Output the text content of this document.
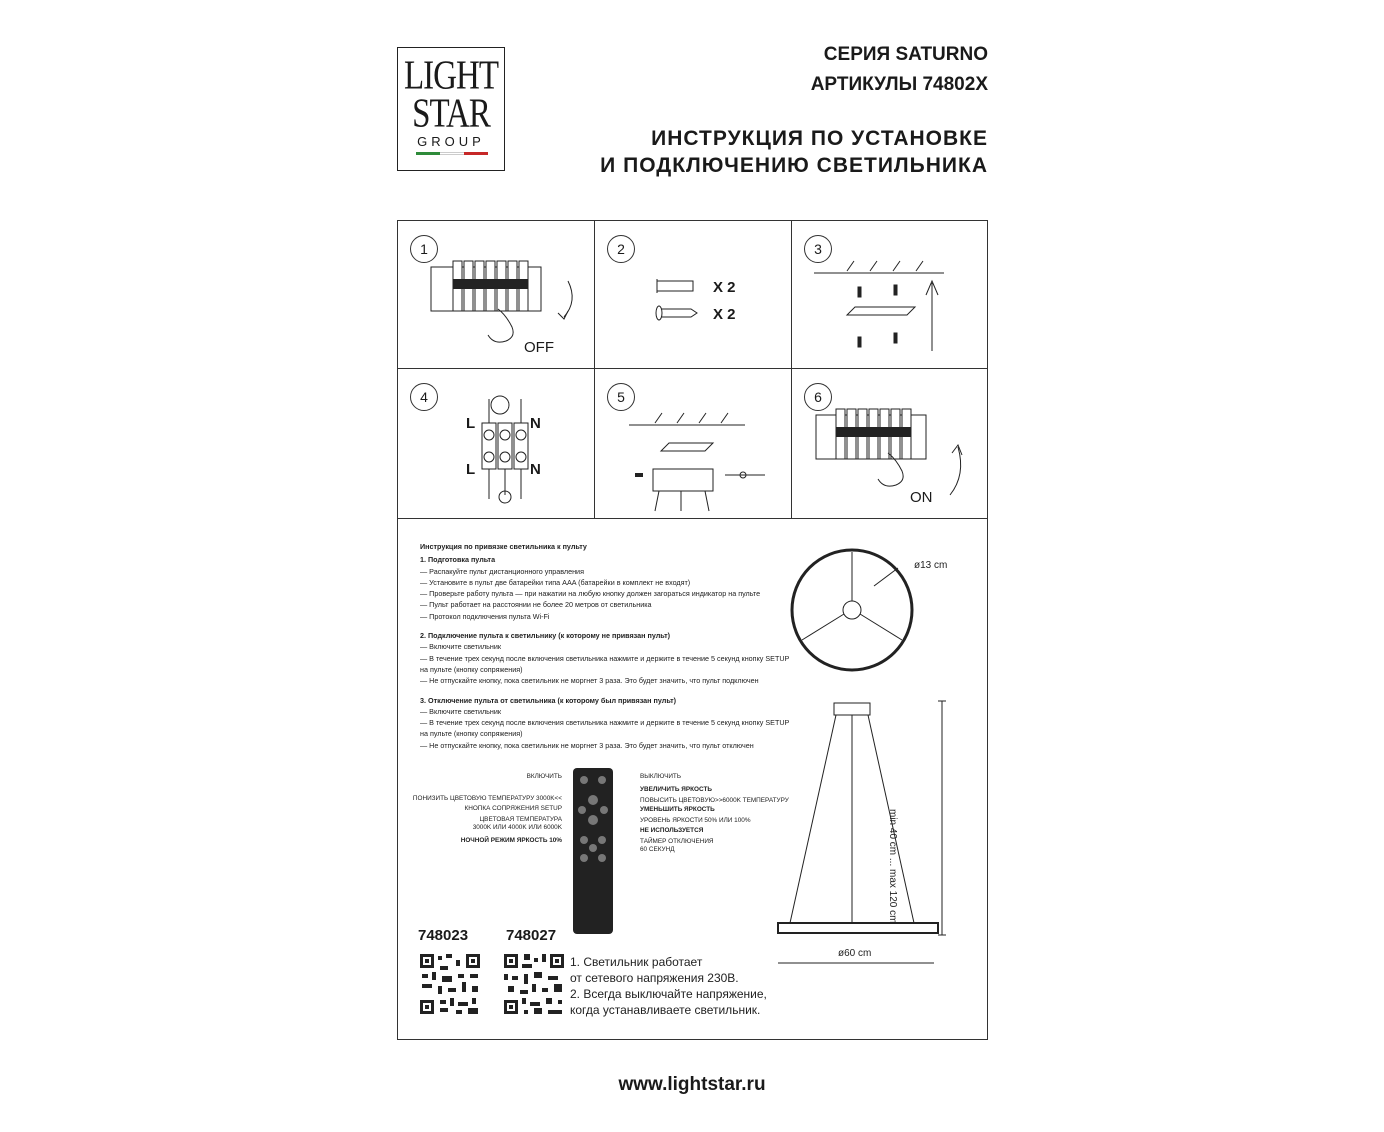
LIGHT
STAR
GROUP
СЕРИЯ SATURNO
АРТИКУЛЫ 74802X
ИНСТРУКЦИЯ ПО УСТАНОВКЕ
И ПОДКЛЮЧЕНИЮ СВЕТИЛЬНИКА
1
OFF
2
X 2
X 2
3
4
L	N
L	N
5	6
ON
Инструкция по привязке светильника к пульту
1. Подготовка пульта
— Распакуйте пульт дистанционного управления
— Установите в пульт две батарейки типа AAA (батарейки в комплект не входят)
— Проверьте работу пульта — при нажатии на любую кнопку должен загораться индикатор на пульте
— Пульт работает на расстоянии не более 20 метров от светильника
— Протокол подключения пульта Wi-Fi
2. Подключение пульта к светильнику (к которому не привязан пульт)
— Включите светильник
— В течение трех секунд после включения светильника нажмите и держите в течение 5 секунд кнопку SETUP на пульте (кнопку сопряжения)
— Не отпускайте кнопку, пока светильник не моргнет 3 раза. Это будет значить, что пульт подключен
3. Отключение пульта от светильника (к которому был привязан пульт)
— Включите светильник
— В течение трех секунд после включения светильника нажмите и держите в течение 5 секунд кнопку SETUP на пульте (кнопку сопряжения)
— Не отпускайте кнопку, пока светильник не моргнет 3 раза. Это будет значить, что пульт отключен
ВКЛЮЧИТЬ
ПОНИЗИТЬ ЦВЕТОВУЮ ТЕМПЕРАТУРУ 3000K<<
КНОПКА СОПРЯЖЕНИЯ SETUP
ЦВЕТОВАЯ ТЕМПЕРАТУРА
3000K ИЛИ 4000K ИЛИ 6000K
НОЧНОЙ РЕЖИМ ЯРКОСТЬ 10%
ВЫКЛЮЧИТЬ
УВЕЛИЧИТЬ ЯРКОСТЬ
ПОВЫСИТЬ ЦВЕТОВУЮ>>6000K ТЕМПЕРАТУРУ
УМЕНЬШИТЬ ЯРКОСТЬ
УРОВЕНЬ ЯРКОСТИ 50% ИЛИ 100%
НЕ ИСПОЛЬЗУЕТСЯ
ТАЙМЕР ОТКЛЮЧЕНИЯ
60 СЕКУНД
ø13 cm
min 40 cm ... max 120 cm
ø60 cm
748023	748027
1. Светильник работает
от сетевого напряжения 230В.
2. Всегда выключайте напряжение,
когда устанавливаете светильник.
www.lightstar.ru
